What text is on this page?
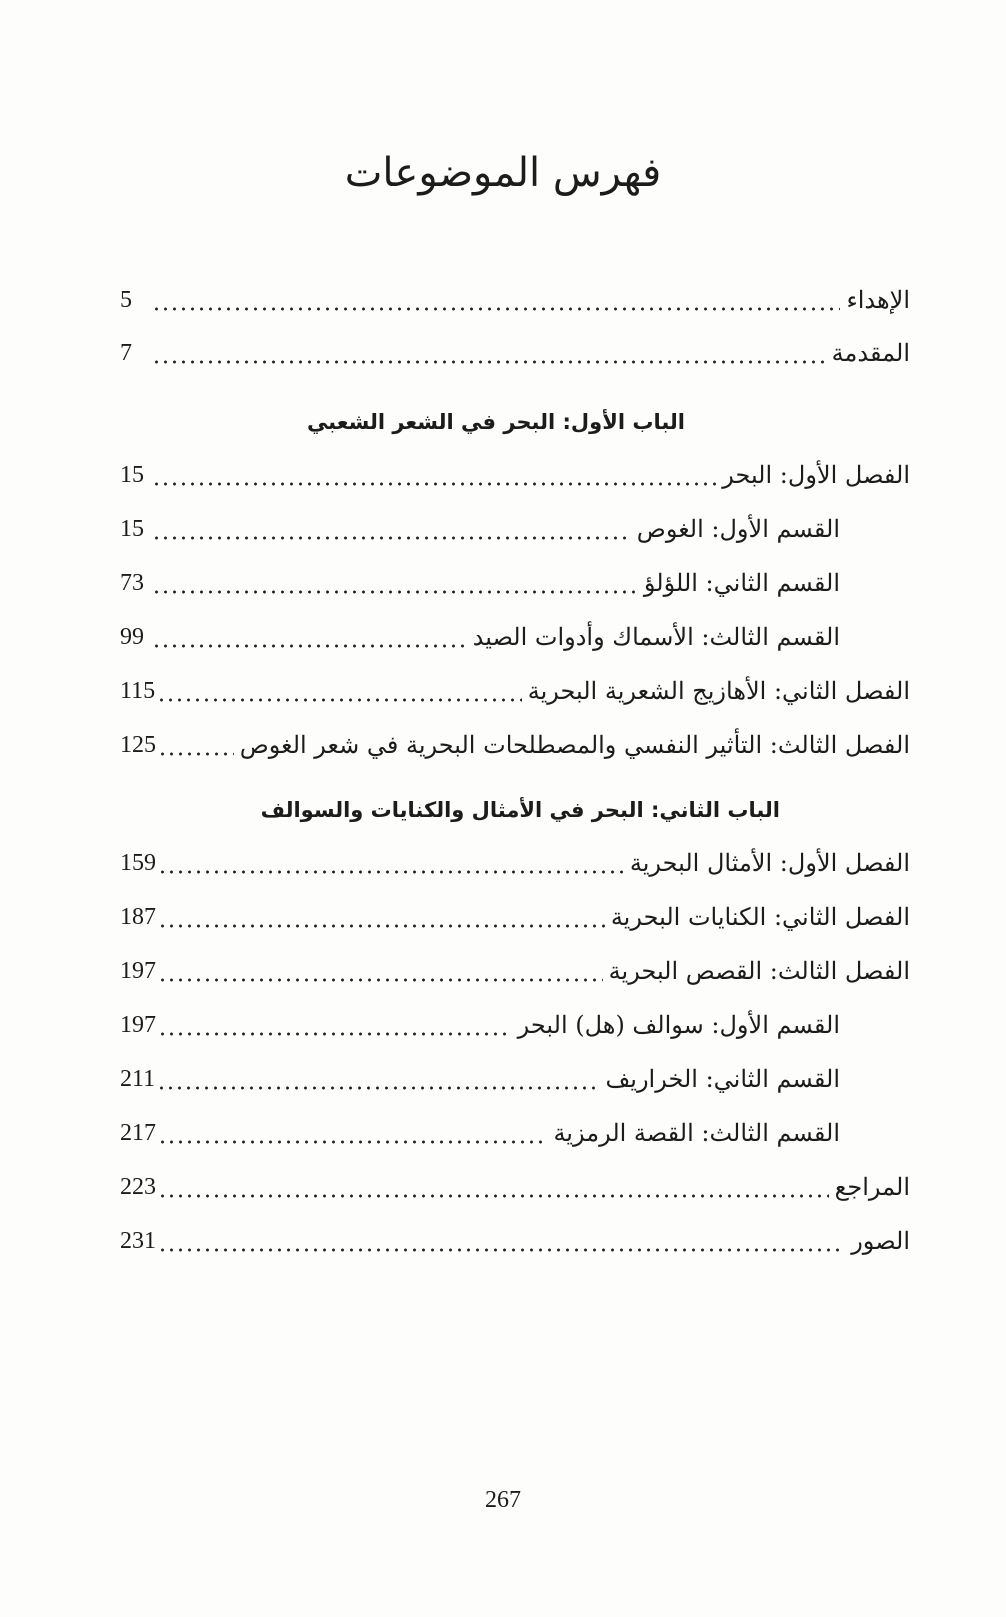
فهرس الموضوعات
الإهداء
5
المقدمة
7
الباب الأول: البحر في الشعر الشعبي
الفصل الأول: البحر
15
القسم الأول: الغوص
15
القسم الثاني: اللؤلؤ
73
القسم الثالث: الأسماك وأدوات الصيد
99
الفصل الثاني: الأهازيج الشعرية البحرية
115
الفصل الثالث: التأثير النفسي والمصطلحات البحرية في شعر الغوص
125
الباب الثاني: البحر في الأمثال والكنايات والسوالف
الفصل الأول: الأمثال البحرية
159
الفصل الثاني: الكنايات البحرية
187
الفصل الثالث: القصص البحرية
197
القسم الأول: سوالف (هل) البحر
197
القسم الثاني: الخراريف
211
القسم الثالث: القصة الرمزية
217
المراجع
223
الصور
231
267
